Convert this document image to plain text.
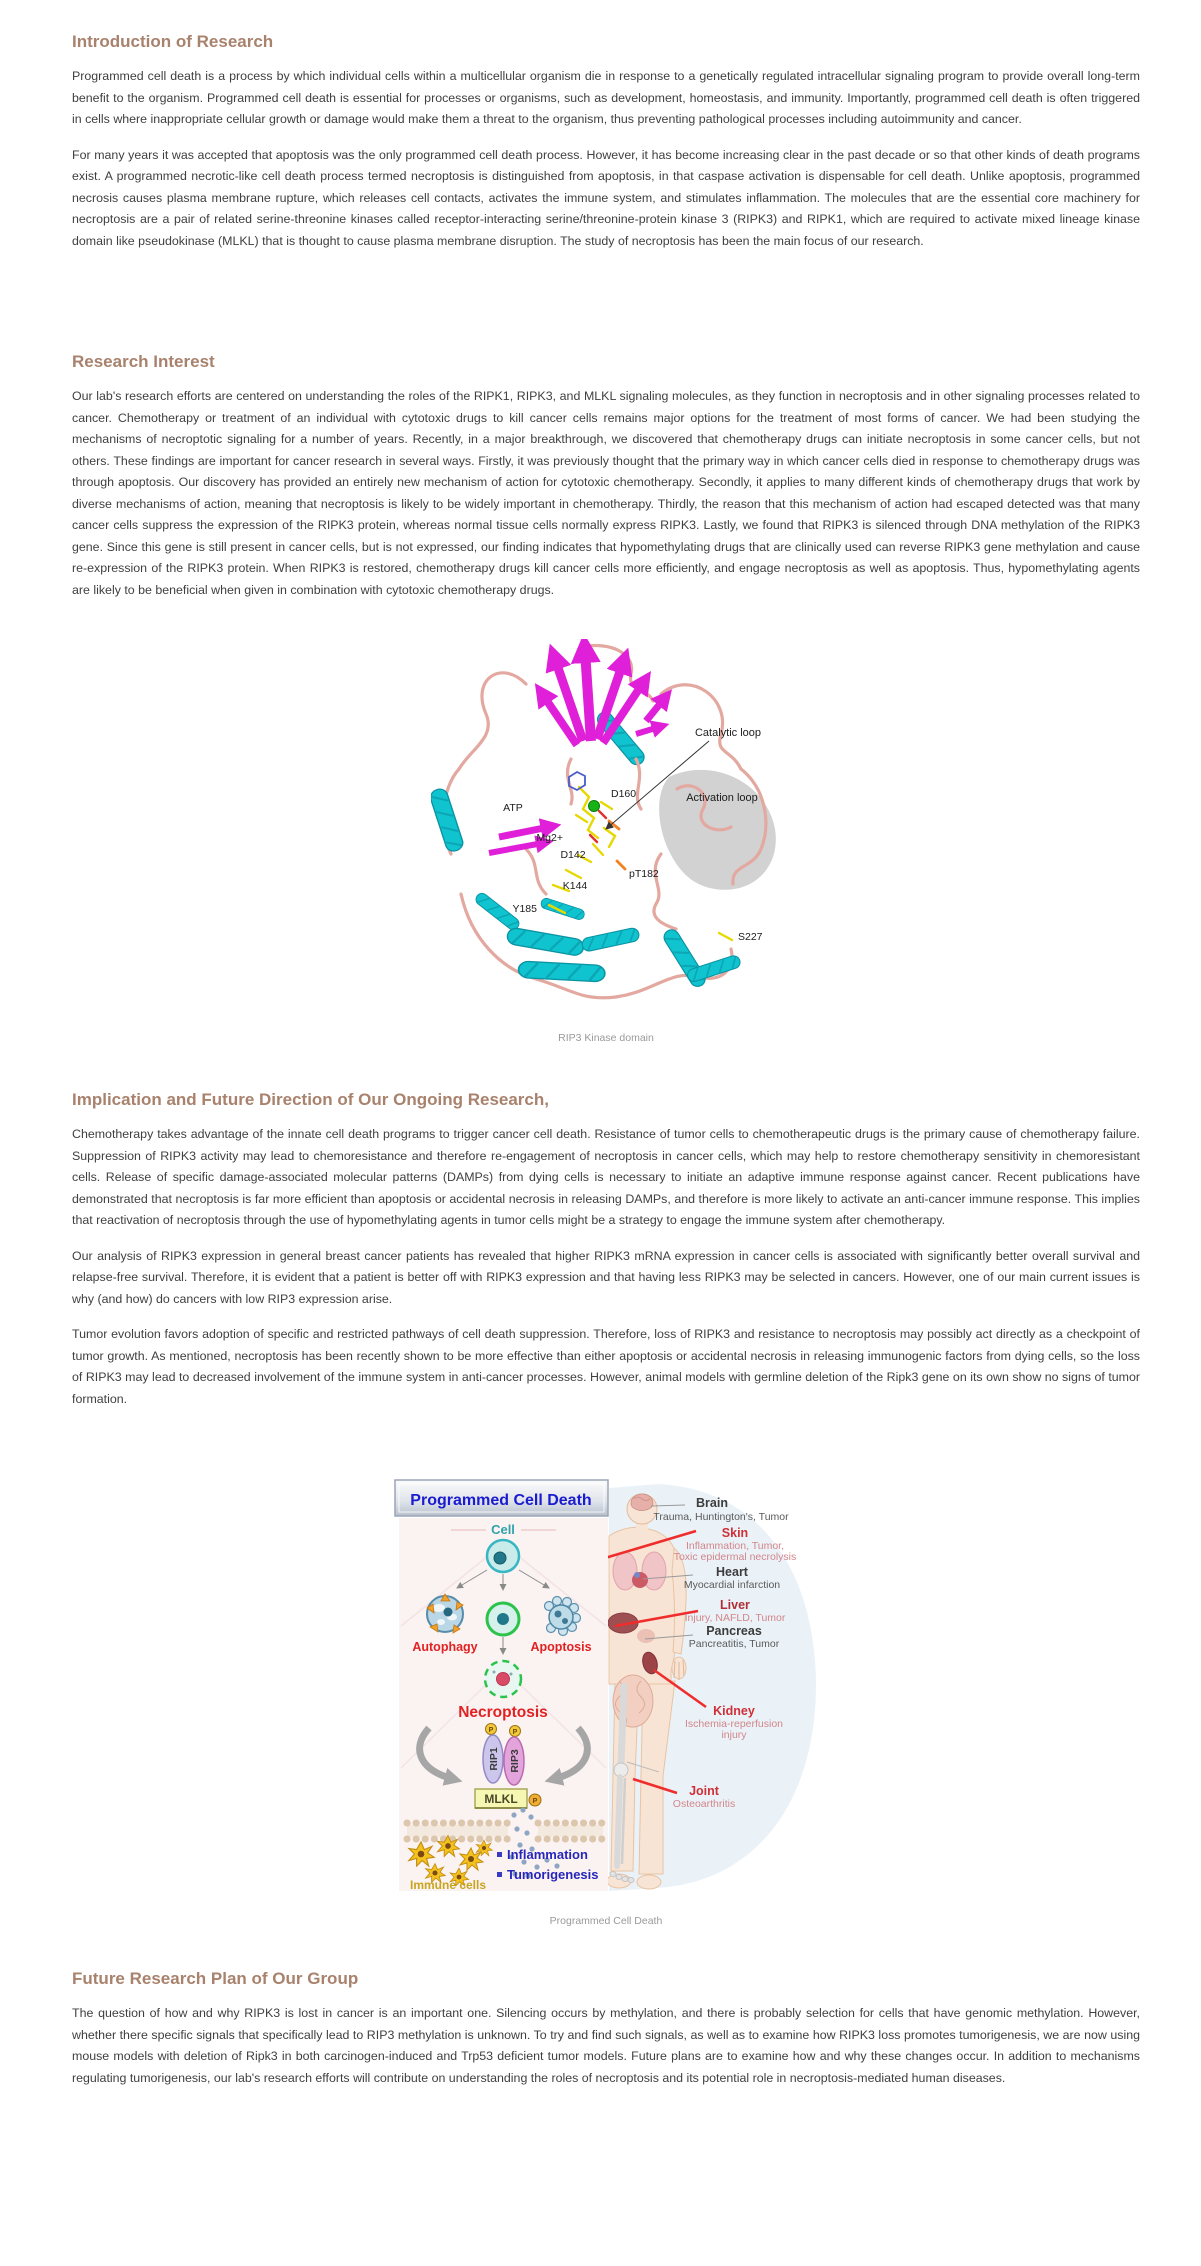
Introduction of Research

Programmed cell death is a process by which individual cells within a multicellular organism die in response to a genetically regulated intracellular signaling program to provide overall long-term benefit to the organism. Programmed cell death is essential for processes or organisms, such as development, homeostasis, and immunity. Importantly, programmed cell death is often triggered in cells where inappropriate cellular growth or damage would make them a threat to the organism, thus preventing pathological processes including autoimmunity and cancer.

For many years it was accepted that apoptosis was the only programmed cell death process. However, it has become increasing clear in the past decade or so that other kinds of death programs exist. A programmed necrotic-like cell death process termed necroptosis is distinguished from apoptosis, in that caspase activation is dispensable for cell death. Unlike apoptosis, programmed necrosis causes plasma membrane rupture, which releases cell contacts, activates the immune system, and stimulates inflammation. The molecules that are the essential core machinery for necroptosis are a pair of related serine-threonine kinases called receptor-interacting serine/threonine-protein kinase 3 (RIPK3) and RIPK1, which are required to activate mixed lineage kinase domain like pseudokinase (MLKL) that is thought to cause plasma membrane disruption. The study of necroptosis has been the main focus of our research.

Research Interest

Our lab's research efforts are centered on understanding the roles of the RIPK1, RIPK3, and MLKL signaling molecules, as they function in necroptosis and in other signaling processes related to cancer. Chemotherapy or treatment of an individual with cytotoxic drugs to kill cancer cells remains major options for the treatment of most forms of cancer. We had been studying the mechanisms of necroptotic signaling for a number of years. Recently, in a major breakthrough, we discovered that chemotherapy drugs can initiate necroptosis in some cancer cells, but not others. These findings are important for cancer research in several ways. Firstly, it was previously thought that the primary way in which cancer cells died in response to chemotherapy drugs was through apoptosis. Our discovery has provided an entirely new mechanism of action for cytotoxic chemotherapy. Secondly, it applies to many different kinds of chemotherapy drugs that work by diverse mechanisms of action, meaning that necroptosis is likely to be widely important in chemotherapy. Thirdly, the reason that this mechanism of action had escaped detected was that many cancer cells suppress the expression of the RIPK3 protein, whereas normal tissue cells normally express RIPK3. Lastly, we found that RIPK3 is silenced through DNA methylation of the RIPK3 gene. Since this gene is still present in cancer cells, but is not expressed, our finding indicates that hypomethylating drugs that are clinically used can reverse RIPK3 gene methylation and cause re-expression of the RIPK3 protein. When RIPK3 is restored, chemotherapy drugs kill cancer cells more efficiently, and engage necroptosis as well as apoptosis. Thus, hypomethylating agents are likely to be beneficial when given in combination with cytotoxic chemotherapy drugs.

Catalytic loop
Activation loop
ATP
D160
Mg2+
D142
pT182
K144
Y185
S227
RIP3 Kinase domain
Implication and Future Direction of Our Ongoing Research,

Chemotherapy takes advantage of the innate cell death programs to trigger cancer cell death. Resistance of tumor cells to chemotherapeutic drugs is the primary cause of chemotherapy failure. Suppression of RIPK3 activity may lead to chemoresistance and therefore re-engagement of necroptosis in cancer cells, which may help to restore chemotherapy sensitivity in chemoresistant cells. Release of specific damage-associated molecular patterns (DAMPs) from dying cells is necessary to initiate an adaptive immune response against cancer. Recent publications have demonstrated that necroptosis is far more efficient than apoptosis or accidental necrosis in releasing DAMPs, and therefore is more likely to activate an anti-cancer immune response. This implies that reactivation of necroptosis through the use of hypomethylating agents in tumor cells might be a strategy to engage the immune system after chemotherapy.

Our analysis of RIPK3 expression in general breast cancer patients has revealed that higher RIPK3 mRNA expression in cancer cells is associated with significantly better overall survival and relapse-free survival. Therefore, it is evident that a patient is better off with RIPK3 expression and that having less RIPK3 may be selected in cancers. However, one of our main current issues is why (and how) do cancers with low RIP3 expression arise.

Tumor evolution favors adoption of specific and restricted pathways of cell death suppression. Therefore, loss of RIPK3 and resistance to necroptosis may possibly act directly as a checkpoint of tumor growth. As mentioned, necroptosis has been recently shown to be more effective than either apoptosis or accidental necrosis in releasing immunogenic factors from dying cells, so the loss of RIPK3 may lead to decreased involvement of the immune system in anti-cancer processes. However, animal models with germline deletion of the Ripk3 gene on its own show no signs of tumor formation.

Brain
Trauma, Huntington's, Tumor
Skin
Inflammation, Tumor,
Toxic epidermal necrolysis
Heart
Myocardial infarction
Liver
Injury, NAFLD, Tumor
Pancreas
Pancreatitis, Tumor
Kidney
Ischemia-reperfusion
injury
Joint
Osteoarthritis
Programmed Cell Death
Cell
Autophagy	Apoptosis
Necroptosis
P	P
RIP1 RIP3
MLKL P
Immune cells
Inflammation
Tumorigenesis
Programmed Cell Death
Future Research Plan of Our Group

The question of how and why RIPK3 is lost in cancer is an important one. Silencing occurs by methylation, and there is probably selection for cells that have genomic methylation. However, whether there specific signals that specifically lead to RIP3 methylation is unknown. To try and find such signals, as well as to examine how RIPK3 loss promotes tumorigenesis, we are now using mouse models with deletion of Ripk3 in both carcinogen-induced and Trp53 deficient tumor models. Future plans are to examine how and why these changes occur. In addition to mechanisms regulating tumorigenesis, our lab's research efforts will contribute on understanding the roles of necroptosis and its potential role in necroptosis-mediated human diseases.
